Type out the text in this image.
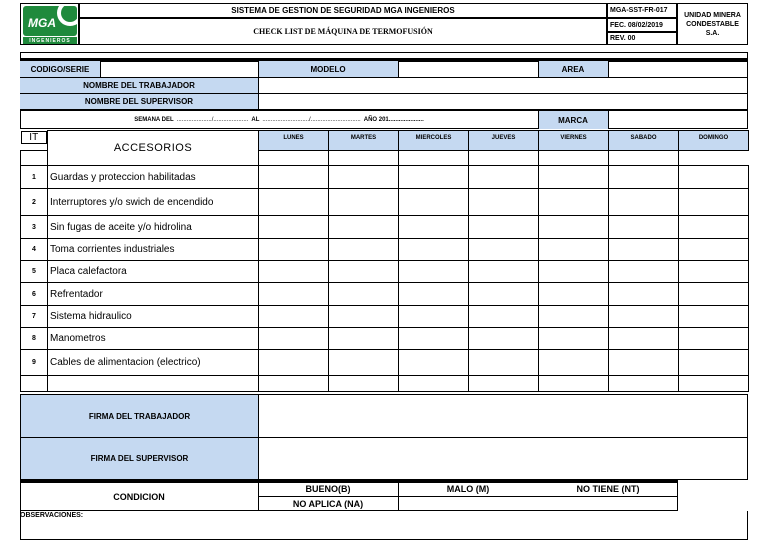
MGA
INGENIEROS
SISTEMA DE GESTION DE SEGURIDAD MGA INGENIEROS
CHECK LIST DE MÁQUINA DE TERMOFUSIÓN
MGA-SST-FR-017
FEC. 08/02/2019
REV. 00
UNIDAD MINERA
CONDESTABLE
S.A.
CODIGO/SERIE	MODELO	AREA
NOMBRE DEL TRABAJADOR
NOMBRE DEL SUPERVISOR
SEMANA DEL ...................../..................... AL ............................/.............................. AÑO 201.....................	MARCA
IT
ACCESORIOS	LUNES	MARTES	MIERCOLES	JUEVES	VIERNES	SABADO	DOMINGO

1	Guardas y proteccion habilitadas							
2	Interruptores y/o swich de encendido							
3	Sin fugas de aceite y/o hidrolina							
4	Toma corrientes industriales							
5	Placa calefactora							
6	Refrentador							
7	Sistema hidraulico							
8	Manometros							
9	Cables de alimentacion (electrico)							

FIRMA DEL TRABAJADOR
FIRMA DEL SUPERVISOR
CONDICION
BUENO(B)	MALO (M)	NO TIENE (NT)
NO APLICA (NA)
OBSERVACIONES:
